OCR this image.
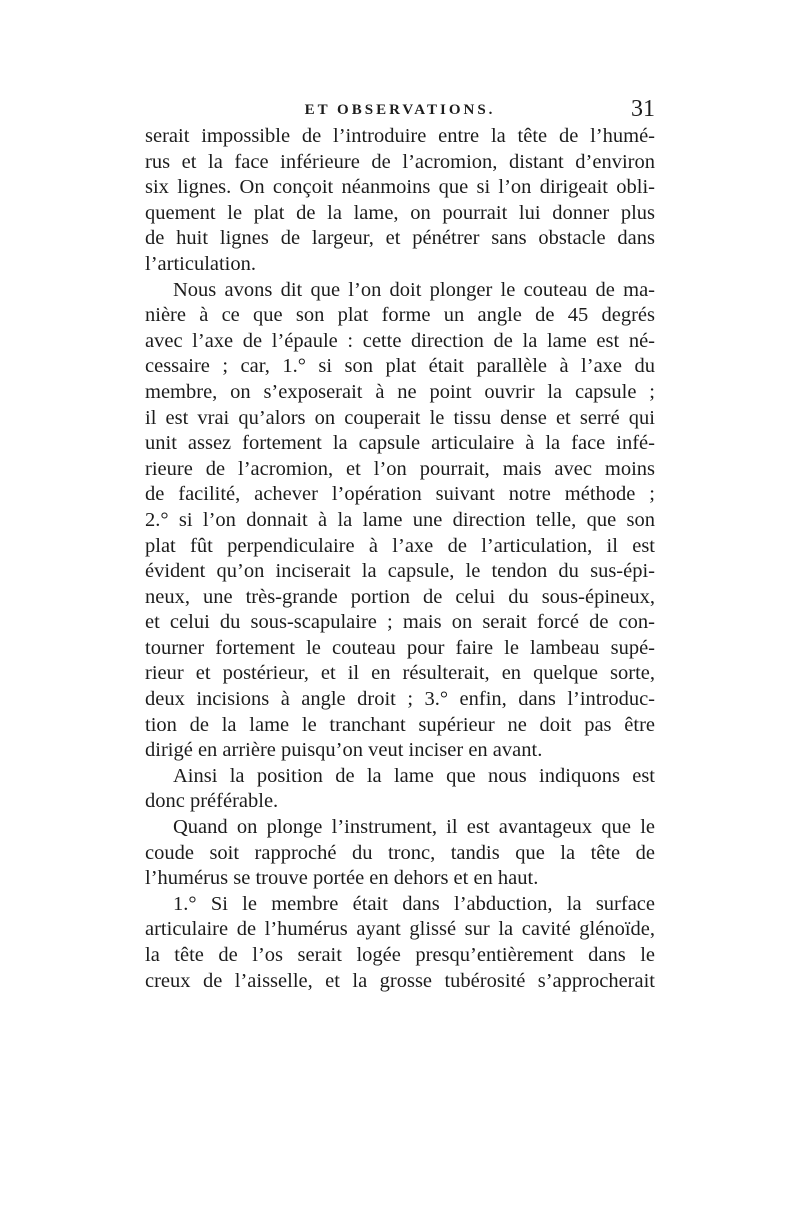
ET OBSERVATIONS.	31
serait impossible de l’introduire entre la tête de l’humé-
rus et la face inférieure de l’acromion, distant d’environ
six lignes. On conçoit néanmoins que si l’on dirigeait obli-
quement le plat de la lame, on pourrait lui donner plus
de huit lignes de largeur, et pénétrer sans obstacle dans
l’articulation.
Nous avons dit que l’on doit plonger le couteau de ma-
nière à ce que son plat forme un angle de 45 degrés
avec l’axe de l’épaule : cette direction de la lame est né-
cessaire ; car, 1.° si son plat était parallèle à l’axe du
membre, on s’exposerait à ne point ouvrir la capsule ;
il est vrai qu’alors on couperait le tissu dense et serré qui
unit assez fortement la capsule articulaire à la face infé-
rieure de l’acromion, et l’on pourrait, mais avec moins
de facilité, achever l’opération suivant notre méthode ;
2.° si l’on donnait à la lame une direction telle, que son
plat fût perpendiculaire à l’axe de l’articulation, il est
évident qu’on inciserait la capsule, le tendon du sus-épi-
neux, une très-grande portion de celui du sous-épineux,
et celui du sous-scapulaire ; mais on serait forcé de con-
tourner fortement le couteau pour faire le lambeau supé-
rieur et postérieur, et il en résulterait, en quelque sorte,
deux incisions à angle droit ; 3.° enfin, dans l’introduc-
tion de la lame le tranchant supérieur ne doit pas être
dirigé en arrière puisqu’on veut inciser en avant.
Ainsi la position de la lame que nous indiquons est
donc préférable.
Quand on plonge l’instrument, il est avantageux que le
coude soit rapproché du tronc, tandis que la tête de
l’humérus se trouve portée en dehors et en haut.
1.° Si le membre était dans l’abduction, la surface
articulaire de l’humérus ayant glissé sur la cavité glénoïde,
la tête de l’os serait logée presqu’entièrement dans le
creux de l’aisselle, et la grosse tubérosité s’approcherait
